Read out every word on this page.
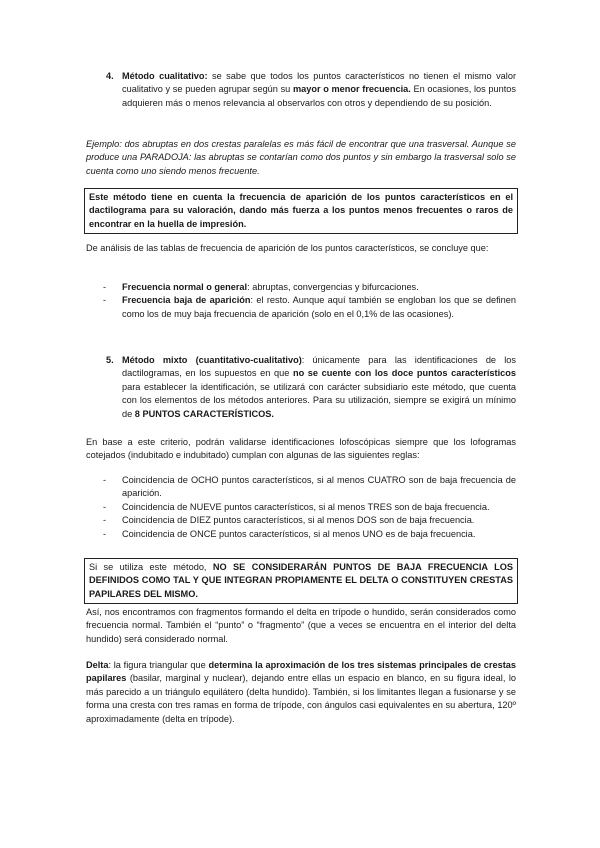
4. Método cualitativo: se sabe que todos los puntos característicos no tienen el mismo valor cualitativo y se pueden agrupar según su mayor o menor frecuencia. En ocasiones, los puntos adquieren más o menos relevancia al observarlos con otros y dependiendo de su posición.

Ejemplo: dos abruptas en dos crestas paralelas es más fácil de encontrar que una trasversal. Aunque se produce una PARADOJA: las abruptas se contarían como dos puntos y sin embargo la trasversal solo se cuenta como uno siendo menos frecuente.

Este método tiene en cuenta la frecuencia de aparición de los puntos característicos en el dactilograma para su valoración, dando más fuerza a los puntos menos frecuentes o raros de encontrar en la huella de impresión.

De análisis de las tablas de frecuencia de aparición de los puntos característicos, se concluye que:

- Frecuencia normal o general: abruptas, convergencias y bifurcaciones.
- Frecuencia baja de aparición: el resto. Aunque aquí también se engloban los que se definen como los de muy baja frecuencia de aparición (solo en el 0,1% de las ocasiones).
5. Método mixto (cuantitativo-cualitativo): únicamente para las identificaciones de los dactilogramas, en los supuestos en que no se cuente con los doce puntos característicos para establecer la identificación, se utilizará con carácter subsidiario este método, que cuenta con los elementos de los métodos anteriores. Para su utilización, siempre se exigirá un mínimo de 8 PUNTOS CARACTERÍSTICOS.

En base a este criterio, podrán validarse identificaciones lofoscópicas siempre que los lofogramas cotejados (indubitado e indubitado) cumplan con algunas de las siguientes reglas:

- Coincidencia de OCHO puntos característicos, si al menos CUATRO son de baja frecuencia de aparición.
- Coincidencia de NUEVE puntos característicos, si al menos TRES son de baja frecuencia.
- Coincidencia de DIEZ puntos característicos, si al menos DOS son de baja frecuencia.
- Coincidencia de ONCE puntos característicos, si al menos UNO es de baja frecuencia.
Si se utiliza este método, NO SE CONSIDERARÁN PUNTOS DE BAJA FRECUENCIA LOS DEFINIDOS COMO TAL Y QUE INTEGRAN PROPIAMENTE EL DELTA O CONSTITUYEN CRESTAS PAPILARES DEL MISMO.

Así, nos encontramos con fragmentos formando el delta en trípode o hundido, serán considerados como frecuencia normal. También el “punto” o “fragmento” (que a veces se encuentra en el interior del delta hundido) será considerado normal.

Delta: la figura triangular que determina la aproximación de los tres sistemas principales de crestas papilares (basilar, marginal y nuclear), dejando entre ellas un espacio en blanco, en su figura ideal, lo más parecido a un triángulo equilátero (delta hundido). También, si los limitantes llegan a fusionarse y se forma una cresta con tres ramas en forma de trípode, con ángulos casi equivalentes en su abertura, 120º aproximadamente (delta en trípode).
